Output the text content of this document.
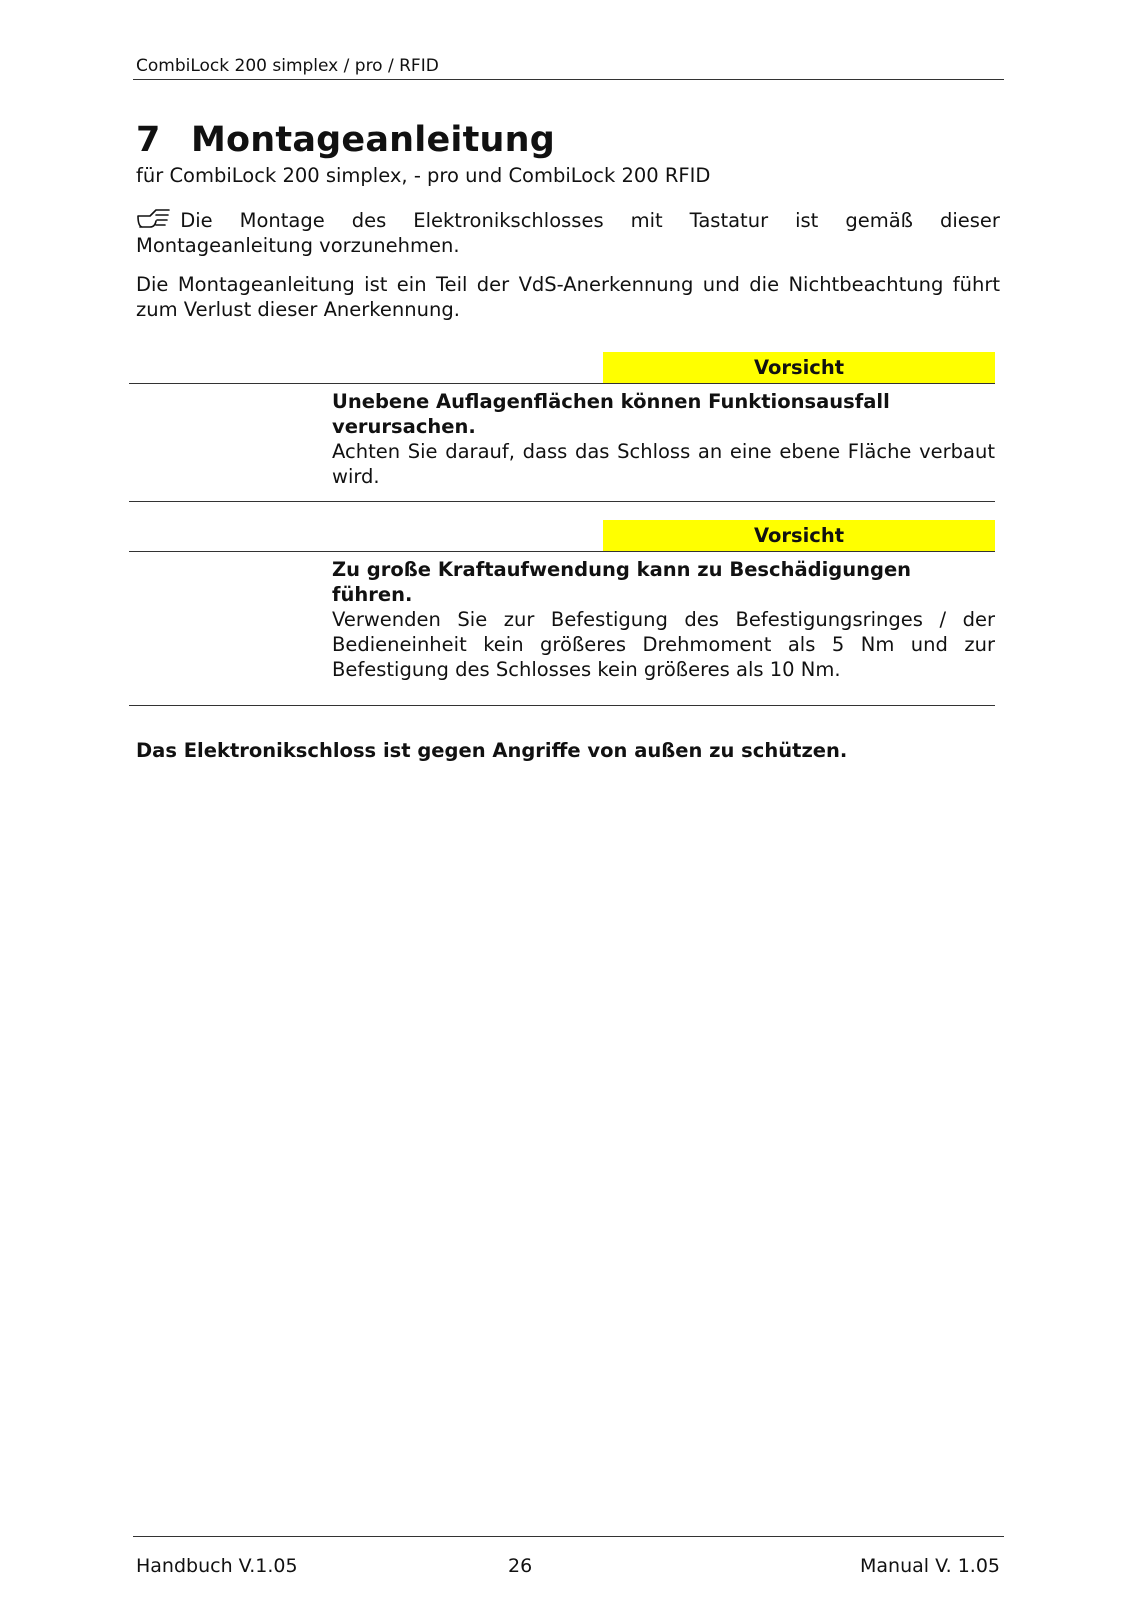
CombiLock 200 simplex / pro / RFID
7 Montageanleitung
für CombiLock 200 simplex, - pro und CombiLock 200 RFID
Die Montage des Elektronikschlosses mit Tastatur ist gemäß dieser
Montageanleitung vorzunehmen.
Die Montageanleitung ist ein Teil der VdS-Anerkennung und die Nichtbeachtung führt zum Verlust dieser Anerkennung.
Vorsicht
Unebene Auflagenflächen können Funktionsausfall verursachen.
Achten Sie darauf, dass das Schloss an eine ebene Fläche verbaut wird.
Vorsicht
Zu große Kraftaufwendung kann zu Beschädigungen führen.
Verwenden Sie zur Befestigung des Befestigungsringes / der Bedieneinheit kein größeres Drehmoment als 5 Nm und zur Befestigung des Schlosses kein größeres als 10 Nm.
Das Elektronikschloss ist gegen Angriffe von außen zu schützen.
Handbuch V.1.05	26	Manual V. 1.05
